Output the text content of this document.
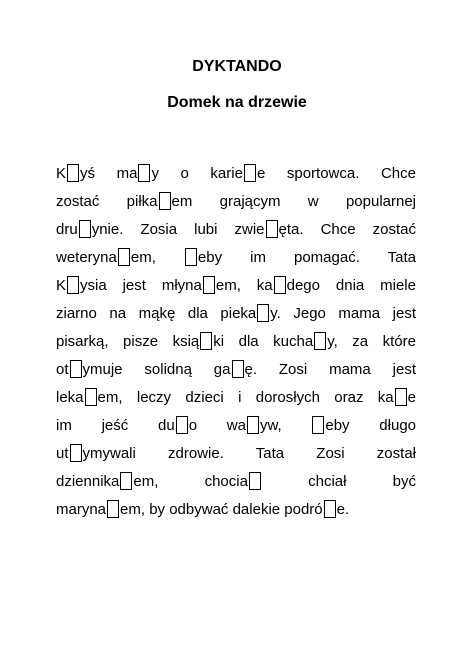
DYKTANDO
Domek na drzewie
K yś ma y o karie e sportowca. Chce
zostać piłka em grającym w popularnej
dru ynie. Zosia lubi zwie ęta. Chce zostać
weteryna em, eby im pomagać. Tata
K ysia jest młyna em, ka dego dnia miele
ziarno na mąkę dla pieka y. Jego mama jest
pisarką, pisze ksią ki dla kucha y, za które
ot ymuje solidną ga ę. Zosi mama jest
leka em, leczy dzieci i dorosłych oraz ka e
im jeść du o wa yw, eby długo
ut ymywali zdrowie. Tata Zosi został
dziennika em, chocia chciał być
maryna em, by odbywać dalekie podró e.
